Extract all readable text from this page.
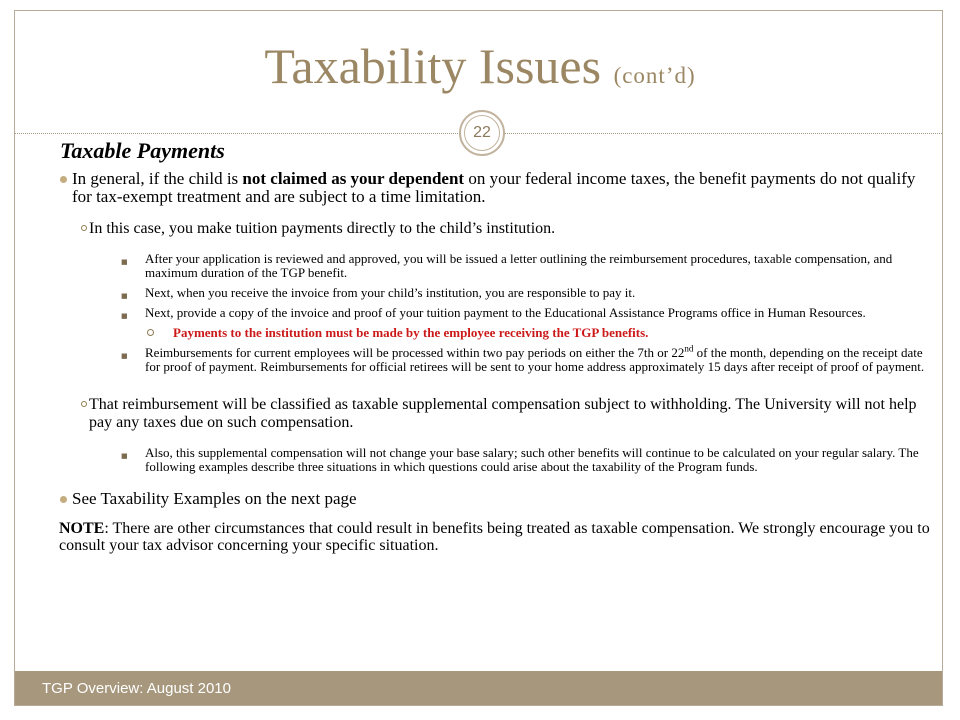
Taxability Issues (cont’d)
22
Taxable Payments
In general, if the child is not claimed as your dependent on your federal income taxes, the benefit payments do not qualify for tax-exempt treatment and are subject to a time limitation.
In this case, you make tuition payments directly to the child’s institution.
■ After your application is reviewed and approved, you will be issued a letter outlining the reimbursement procedures, taxable compensation, and maximum duration of the TGP benefit.
■ Next, when you receive the invoice from your child’s institution, you are responsible to pay it.
■ Next, provide a copy of the invoice and proof of your tuition payment to the Educational Assistance Programs office in Human Resources.
Payments to the institution must be made by the employee receiving the TGP benefits.
■ Reimbursements for current employees will be processed within two pay periods on either the 7th or 22nd of the month, depending on the receipt date for proof of payment. Reimbursements for official retirees will be sent to your home address approximately 15 days after receipt of proof of payment.
That reimbursement will be classified as taxable supplemental compensation subject to withholding. The University will not help pay any taxes due on such compensation.
■ Also, this supplemental compensation will not change your base salary; such other benefits will continue to be calculated on your regular salary. The following examples describe three situations in which questions could arise about the taxability of the Program funds.
See Taxability Examples on the next page
NOTE: There are other circumstances that could result in benefits being treated as taxable compensation. We strongly encourage you to consult your tax advisor concerning your specific situation.
TGP Overview: August 2010
